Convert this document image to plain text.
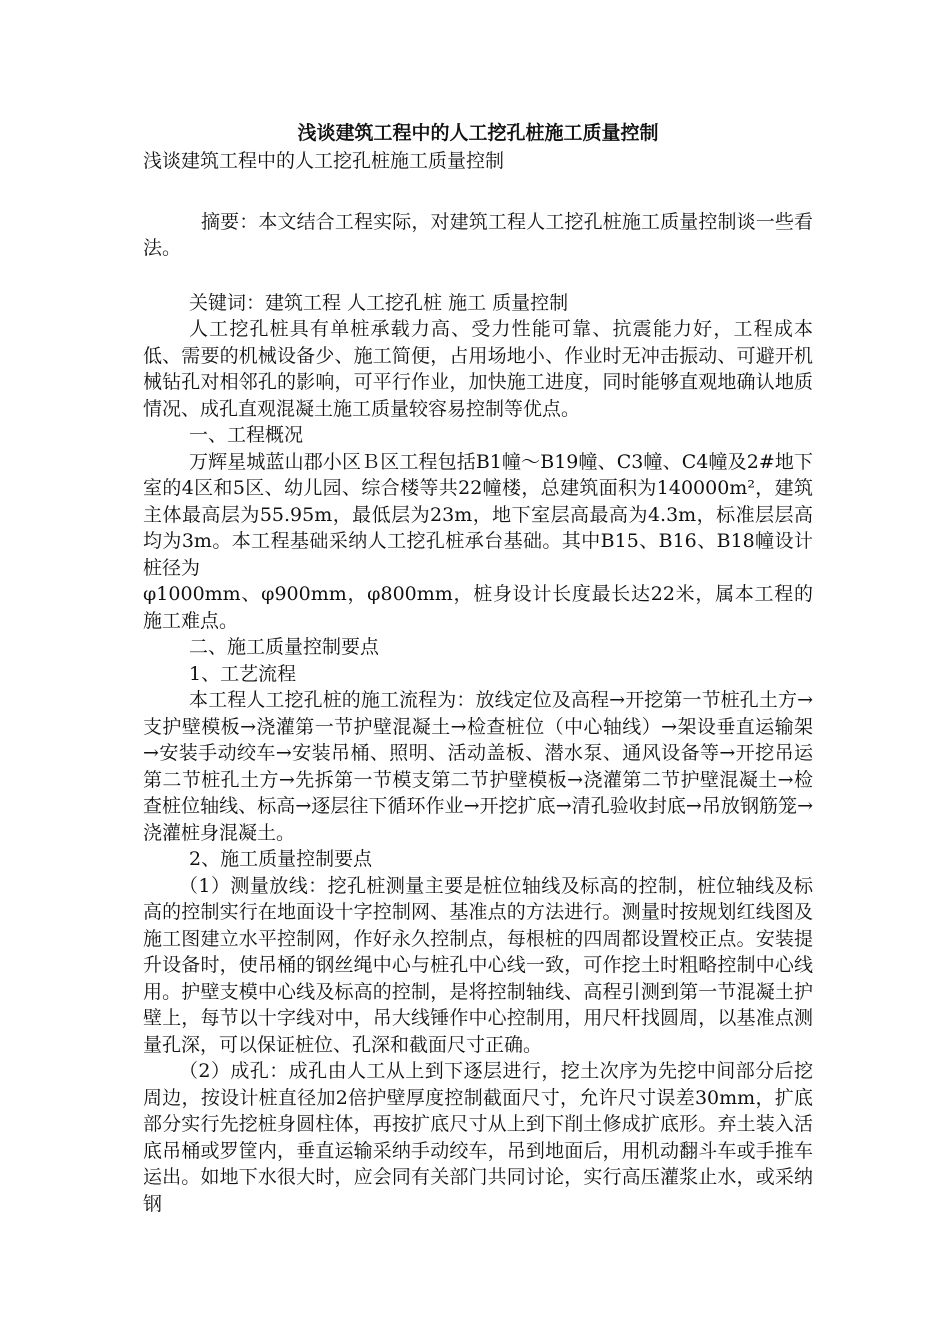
浅谈建筑工程中的人工挖孔桩施工质量控制

浅谈建筑工程中的人工挖孔桩施工质量控制

摘要：本文结合工程实际，对建筑工程人工挖孔桩施工质量控制谈一些看法。

关键词：建筑工程 人工挖孔桩 施工 质量控制

人工挖孔桩具有单桩承载力高、受力性能可靠、抗震能力好，工程成本低、需要的机械设备少、施工简便，占用场地小、作业时无冲击振动、可避开机械钻孔对相邻孔的影响，可平行作业，加快施工进度，同时能够直观地确认地质情况、成孔直观混凝土施工质量较容易控制等优点。

一、工程概况

万辉星城蓝山郡小区Ｂ区工程包括B1幢～B19幢、C3幢、C4幢及2#地下室的4区和5区、幼儿园、综合楼等共22幢楼，总建筑面积为140000m²，建筑主体最高层为55.95m，最低层为23m，地下室层高最高为4.3m，标准层层高均为3m。本工程基础采纳人工挖孔桩承台基础。其中B15、B16、B18幢设计桩径为

φ1000mm、φ900mm，φ800mm，桩身设计长度最长达22米，属本工程的施工难点。

二、施工质量控制要点

1、工艺流程

本工程人工挖孔桩的施工流程为：放线定位及高程→开挖第一节桩孔土方→支护壁模板→浇灌第一节护壁混凝土→检查桩位（中心轴线）→架设垂直运输架→安装手动绞车→安装吊桶、照明、活动盖板、潜水泵、通风设备等→开挖吊运第二节桩孔土方→先拆第一节模支第二节护壁模板→浇灌第二节护壁混凝土→检查桩位轴线、标高→逐层往下循环作业→开挖扩底→清孔验收封底→吊放钢筋笼→浇灌桩身混凝土。

2、施工质量控制要点

（1）测量放线：挖孔桩测量主要是桩位轴线及标高的控制，桩位轴线及标高的控制实行在地面设十字控制网、基准点的方法进行。测量时按规划红线图及施工图建立水平控制网，作好永久控制点，每根桩的四周都设置校正点。安装提升设备时，使吊桶的钢丝绳中心与桩孔中心线一致，可作挖土时粗略控制中心线用。护壁支模中心线及标高的控制，是将控制轴线、高程引测到第一节混凝土护壁上，每节以十字线对中，吊大线锤作中心控制用，用尺杆找圆周，以基准点测量孔深，可以保证桩位、孔深和截面尺寸正确。

（2）成孔：成孔由人工从上到下逐层进行，挖土次序为先挖中间部分后挖周边，按设计桩直径加2倍护壁厚度控制截面尺寸，允许尺寸误差30mm，扩底部分实行先挖桩身圆柱体，再按扩底尺寸从上到下削土修成扩底形。弃土装入活底吊桶或罗筐内，垂直运输采纳手动绞车，吊到地面后，用机动翻斗车或手推车运出。如地下水很大时，应会同有关部门共同讨论，实行高压灌浆止水，或采纳钢
